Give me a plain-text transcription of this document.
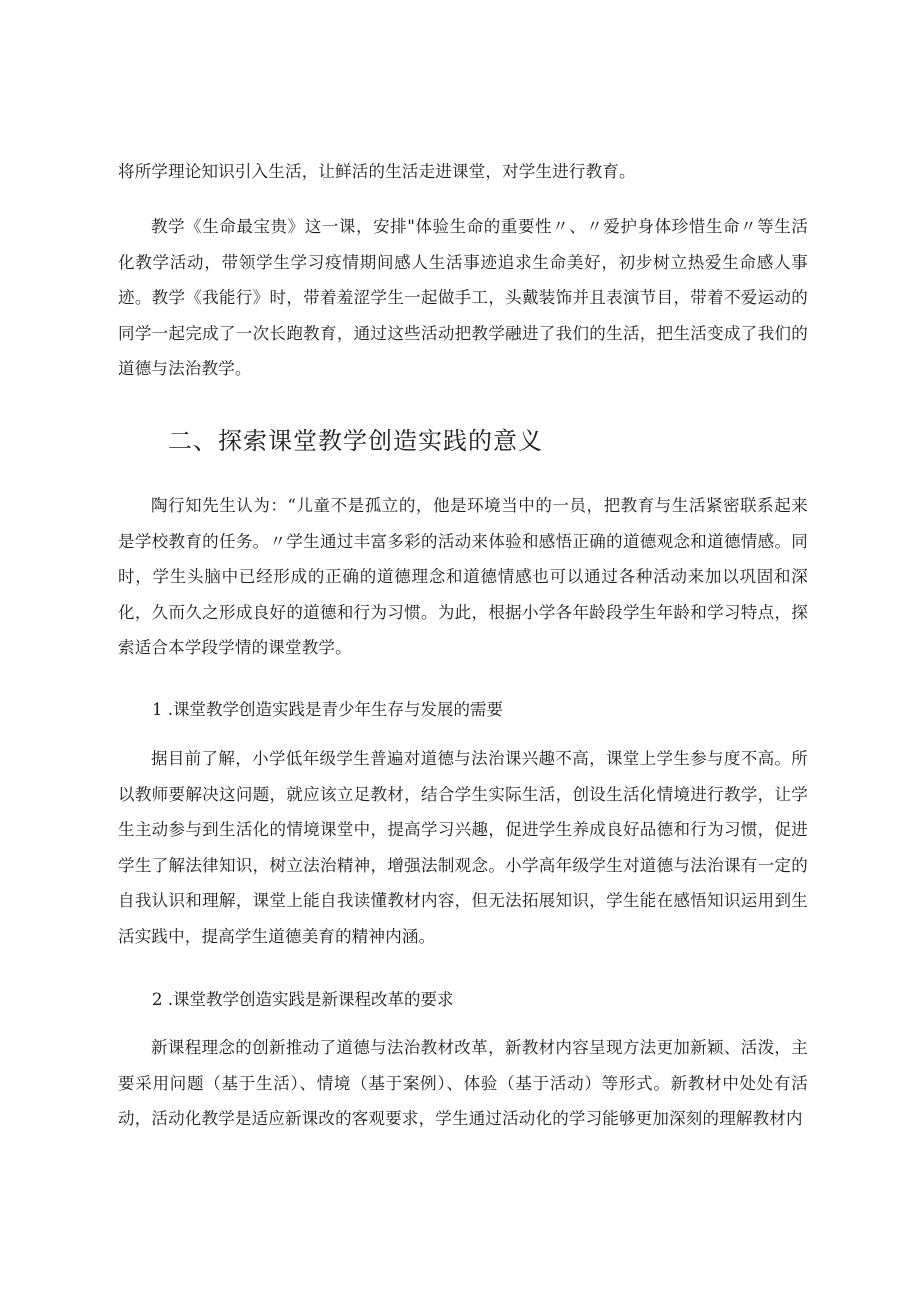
将所学理论知识引入生活，让鲜活的生活走进课堂，对学生进行教育。

教学《生命最宝贵》这一课，安排"体验生命的重要性〃、〃爱护身体珍惜生命〃等生活化教学活动，带领学生学习疫情期间感人生活事迹追求生命美好，初步树立热爱生命感人事迹。教学《我能行》时，带着羞涩学生一起做手工，头戴装饰并且表演节目，带着不爱运动的同学一起完成了一次长跑教育，通过这些活动把教学融进了我们的生活，把生活变成了我们的道德与法治教学。

二、探索课堂教学创造实践的意义

陶行知先生认为：“儿童不是孤立的，他是环境当中的一员，把教育与生活紧密联系起来是学校教育的任务。〃学生通过丰富多彩的活动来体验和感悟正确的道德观念和道德情感。同时，学生头脑中已经形成的正确的道德理念和道德情感也可以通过各种活动来加以巩固和深化，久而久之形成良好的道德和行为习惯。为此，根据小学各年龄段学生年龄和学习特点，探索适合本学段学情的课堂教学。

1 .课堂教学创造实践是青少年生存与发展的需要

据目前了解，小学低年级学生普遍对道德与法治课兴趣不高，课堂上学生参与度不高。所以教师要解决这问题，就应该立足教材，结合学生实际生活，创设生活化情境进行教学，让学生主动参与到生活化的情境课堂中，提高学习兴趣，促进学生养成良好品德和行为习惯，促进学生了解法律知识，树立法治精神，增强法制观念。小学高年级学生对道德与法治课有一定的自我认识和理解，课堂上能自我读懂教材内容，但无法拓展知识，学生能在感悟知识运用到生活实践中，提高学生道德美育的精神内涵。

2 .课堂教学创造实践是新课程改革的要求

新课程理念的创新推动了道德与法治教材改革，新教材内容呈现方法更加新颖、活泼，主要采用问题（基于生活）、情境（基于案例）、体验（基于活动）等形式。新教材中处处有活动，活动化教学是适应新课改的客观要求，学生通过活动化的学习能够更加深刻的理解教材内
